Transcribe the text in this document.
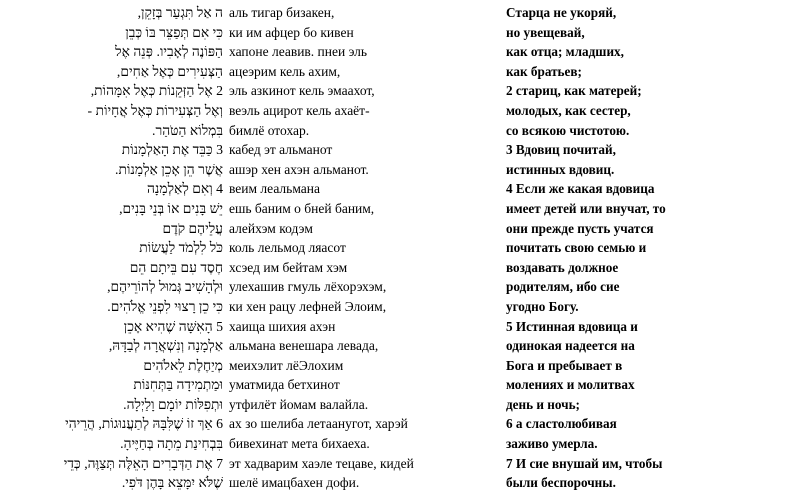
ה אַל תִּגְעַר בְּזָקֵן,
כִּי אִם תְּפַצֵּר בּוֹ כְּבֵן
הַפּוֹנֶה לְאָבִיו. פְּנֵה אֶל
הַצְּעִירִים כְּאֶל אַחִים,
2 אֶל הַזְּקֵנוֹת כְּאֶל אִמָּהוֹת,
וְאֶל הַצְּעִירוֹת כְּאֶל אֲחָיוֹת -
בִּמְלוֹא הַטֹּהַר.
3 כַּבֵּד אֶת הָאַלְמָנוֹת
אֲשֶׁר הֵן אָכֵן אַלְמָנוֹת.
4 וְאִם לְאַלְמָנָה
יֵשׁ בָּנִים אוֹ בְּנֵי בָּנִים,
עֲלֵיהֶם קֹדֶם
כֹּל לִלְמֹד לַעֲשׂוֹת
חֶסֶד עִם בֵּיתָם הֵם
וּלְהָשִׁיב גְּמוּל לְהוֹרֵיהֶם,
כִּי כֵן רָצוּי לִפְנֵי אֱלֹהִים.
5 הָאִשָּׁה שֶׁהִיא אָכֵן
אַלְמָנָה וְנִשְׁאֲרָה לְבַדָּהּ,
מְיַחֶלֶת לֵאלֹהִים
וּמַתְמִידָה בַּתְּחִנּוֹת
וּתְפִלּוֹת יוֹמָם וָלַיְלָה.
6 אַךְ זוֹ שֶׁלִּבָּהּ לְתַעֲנוּגוֹת, הֲרֵיהִי
בִּבְחִינַת מֵתָה בְּחַיֶּיהָ.
7 אֶת הַדְּבָרִים הָאֵלֶּה תְּצַוֶּה, כְּדֵי
שֶׁלֹּא יִמָּצֵא בָּהֶן דֹּפִי.
аль тигар бизакен,
ки им афцер бо кивен
хапоне леавив. пнеи эль
ацеэрим кель ахим,
эль азкинот кель эмаахот,
веэль ацирот кель ахаёт-
бимлё отохар.
кабед эт альманот
ашэр хен ахэн альманот.
веим леальмана
ешь баним о бней баним,
алейхэм кодэм
коль лельмод ляасот
хсэед им бейтам хэм
улехашив гмуль лёхорэхэм,
ки хен рацу лефней Элоим,
хаища шихия ахэн
альмана венешара левада,
меихэлит лёЭлохим
уматмида бетхинот
утфилёт йомам валайла.
ах зо шелиба летаанугот, харэй
бивехинат мета бихаеха.
эт хадварим хаэле тецаве, кидей
шелё имацбахен дофи.
Старца не укоряй,
но увещевай,
как отца; младших,
как братьев;
2 стариц, как матерей;
молодых, как сестер,
со всякою чистотою.
3 Вдовиц почитай,
истинных вдовиц.
4 Если же какая вдовица
имеет детей или внучат, то
они прежде пусть учатся
почитать свою семью и
воздавать должное
родителям, ибо сие
угодно Богу.
5 Истинная вдовица и
одинокая надеется на
Бога и пребывает в
молениях и молитвах
день и ночь;
6 а сластолюбивая
заживо умерла.
7 И сие внушай им, чтобы
были беспорочны.
